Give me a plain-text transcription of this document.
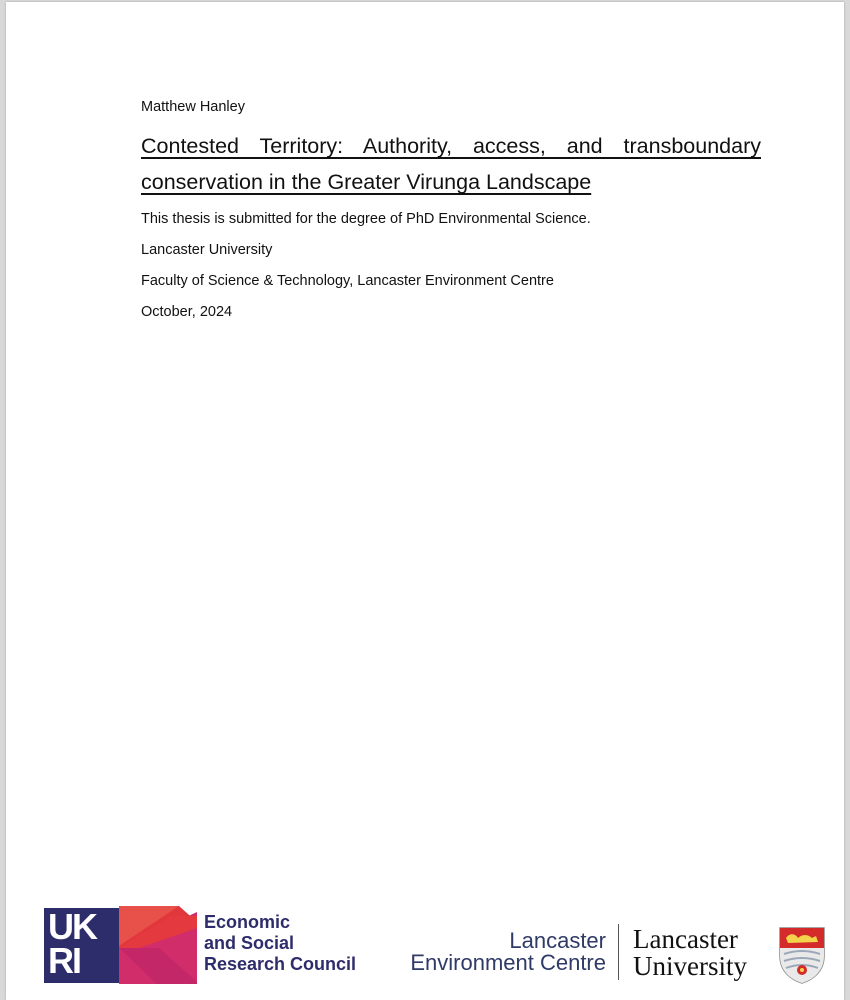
Matthew Hanley
Contested Territory: Authority, access, and transboundary conservation in the Greater Virunga Landscape
This thesis is submitted for the degree of PhD Environmental Science.
Lancaster University
Faculty of Science & Technology, Lancaster Environment Centre
October, 2024
UK
RI
Economic
and Social
Research Council
Lancaster
Environment Centre
Lancaster
University
